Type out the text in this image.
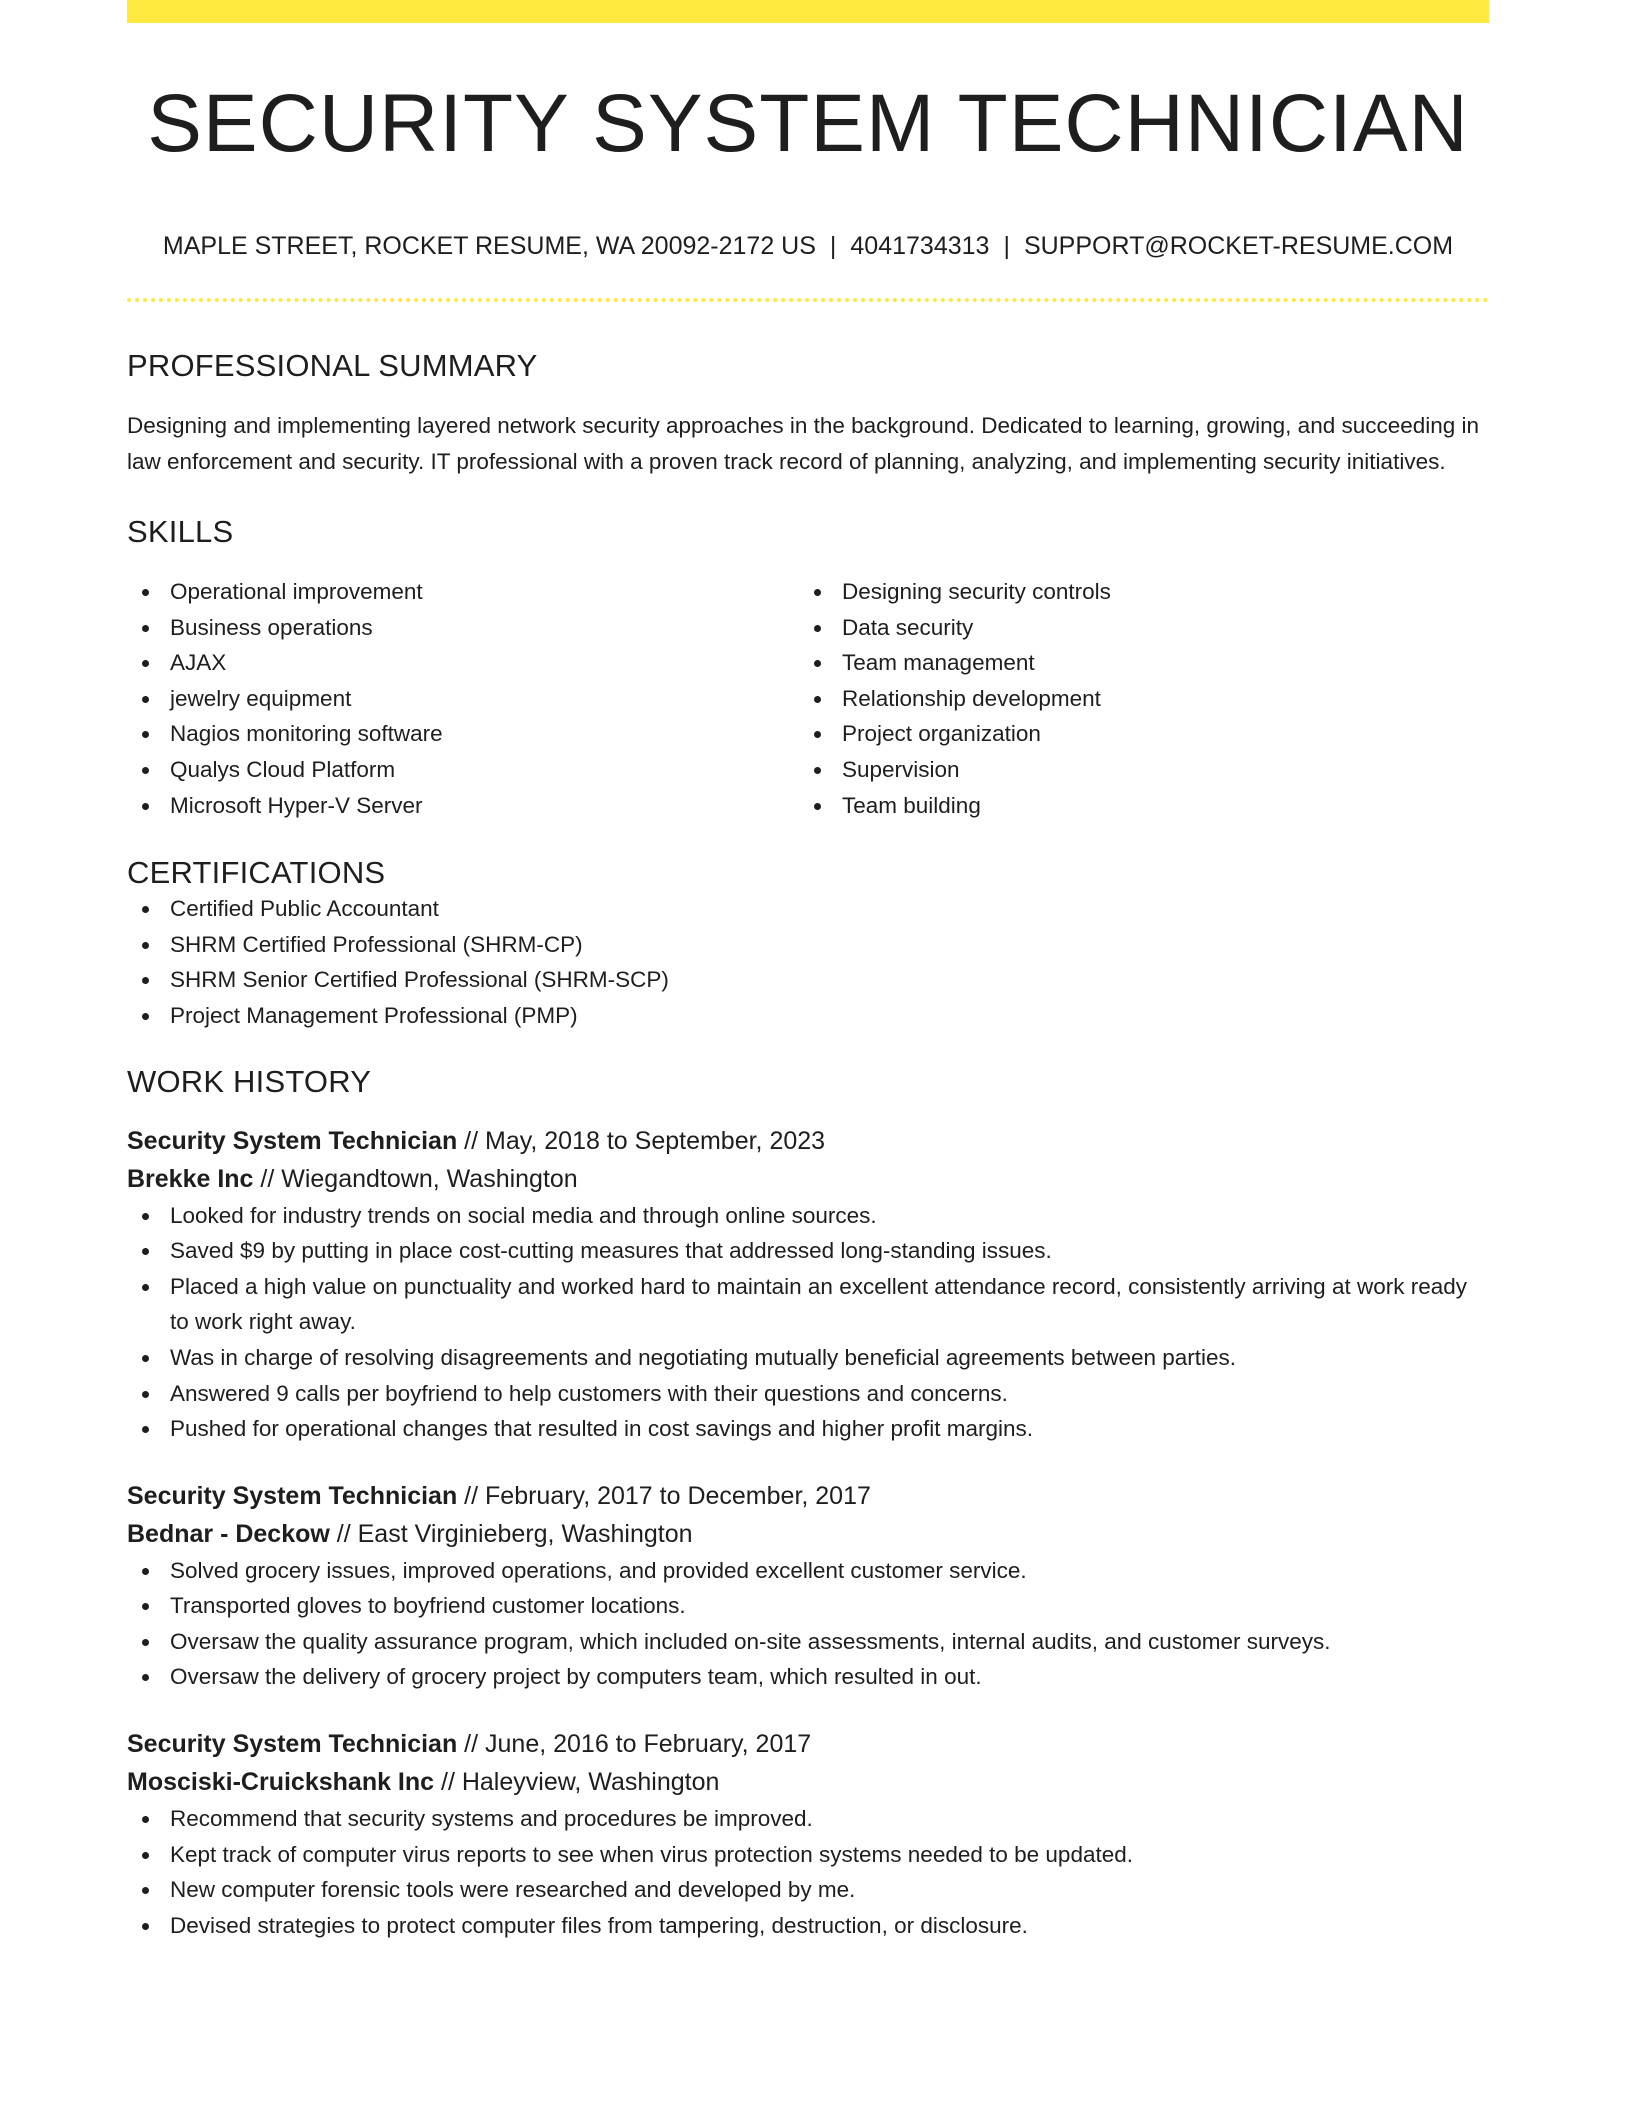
SECURITY SYSTEM TECHNICIAN
MAPLE STREET, ROCKET RESUME, WA 20092-2172 US | 4041734313 | SUPPORT@ROCKET-RESUME.COM
PROFESSIONAL SUMMARY

Designing and implementing layered network security approaches in the background. Dedicated to learning, growing, and succeeding in law enforcement and security. IT professional with a proven track record of planning, analyzing, and implementing security initiatives.

SKILLS
Operational improvement
Business operations
AJAX
jewelry equipment
Nagios monitoring software
Qualys Cloud Platform
Microsoft Hyper-V Server
Designing security controls
Data security
Team management
Relationship development
Project organization
Supervision
Team building
CERTIFICATIONS
Certified Public Accountant
SHRM Certified Professional (SHRM-CP)
SHRM Senior Certified Professional (SHRM-SCP)
Project Management Professional (PMP)
WORK HISTORY
Security System Technician // May, 2018 to September, 2023
Brekke Inc // Wiegandtown, Washington
Looked for industry trends on social media and through online sources.
Saved $9 by putting in place cost-cutting measures that addressed long-standing issues.
Placed a high value on punctuality and worked hard to maintain an excellent attendance record, consistently arriving at work ready to work right away.
Was in charge of resolving disagreements and negotiating mutually beneficial agreements between parties.
Answered 9 calls per boyfriend to help customers with their questions and concerns.
Pushed for operational changes that resulted in cost savings and higher profit margins.
Security System Technician // February, 2017 to December, 2017
Bednar - Deckow // East Virginieberg, Washington
Solved grocery issues, improved operations, and provided excellent customer service.
Transported gloves to boyfriend customer locations.
Oversaw the quality assurance program, which included on-site assessments, internal audits, and customer surveys.
Oversaw the delivery of grocery project by computers team, which resulted in out.
Security System Technician // June, 2016 to February, 2017
Mosciski-Cruickshank Inc // Haleyview, Washington
Recommend that security systems and procedures be improved.
Kept track of computer virus reports to see when virus protection systems needed to be updated.
New computer forensic tools were researched and developed by me.
Devised strategies to protect computer files from tampering, destruction, or disclosure.
